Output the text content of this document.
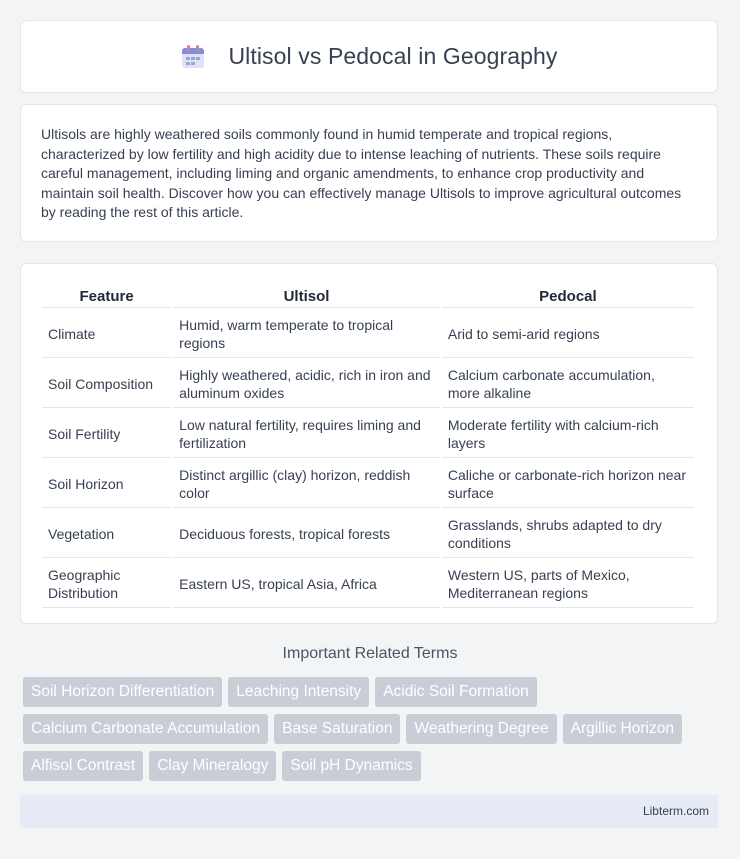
Ultisol vs Pedocal in Geography

Ultisols are highly weathered soils commonly found in humid temperate and tropical regions, characterized by low fertility and high acidity due to intense leaching of nutrients. These soils require careful management, including liming and organic amendments, to enhance crop productivity and maintain soil health. Discover how you can effectively manage Ultisols to improve agricultural outcomes by reading the rest of this article.

Feature	Ultisol	Pedocal
Climate	Humid, warm temperate to tropical regions	Arid to semi-arid regions
Soil Composition	Highly weathered, acidic, rich in iron and aluminum oxides	Calcium carbonate accumulation, more alkaline
Soil Fertility	Low natural fertility, requires liming and fertilization	Moderate fertility with calcium-rich layers
Soil Horizon	Distinct argillic (clay) horizon, reddish color	Caliche or carbonate-rich horizon near surface
Vegetation	Deciduous forests, tropical forests	Grasslands, shrubs adapted to dry conditions
Geographic Distribution	Eastern US, tropical Asia, Africa	Western US, parts of Mexico, Mediterranean regions
Important Related Terms
Soil Horizon Differentiation	Leaching Intensity	Acidic Soil Formation
Calcium Carbonate Accumulation	Base Saturation	Weathering Degree	Argillic Horizon
Alfisol Contrast	Clay Mineralogy	Soil pH Dynamics
Libterm.com
